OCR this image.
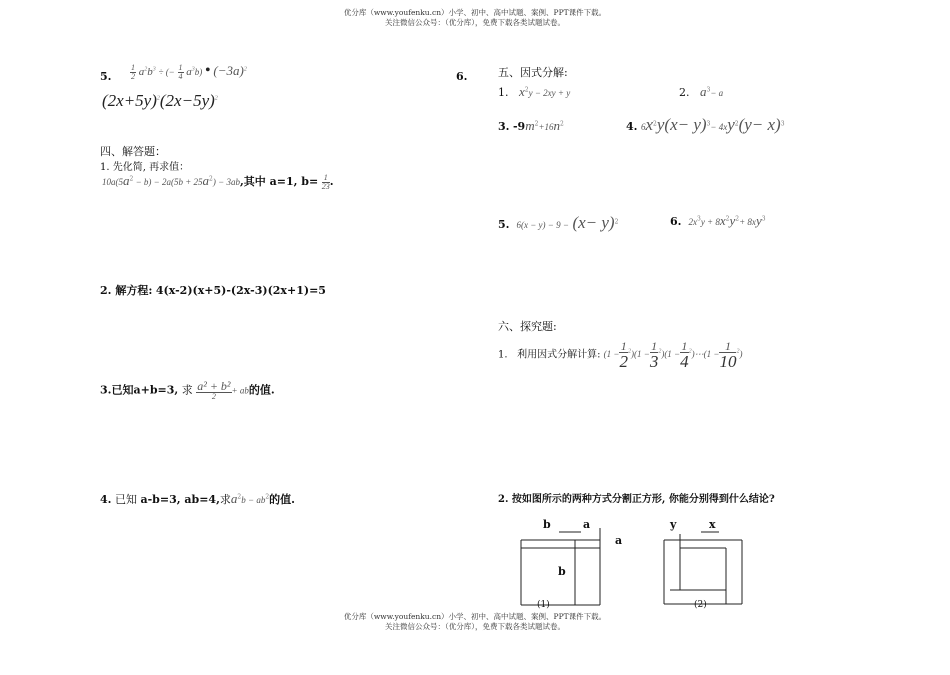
优分库（www.youfenku.cn）小学、初中、高中试题、案例、PPT课件下载。
关注微信公众号：（优分库），免费下载各类试题试卷。
5. $\frac{1}{2} a^2b^3$ ÷ (− $\frac{1}{4} a^3b$) • $(-3a)^2$
$(2x+5y)^2(2x-5y)^2$
四、解答题：
1. 先化简, 再求值：
$10a(5a^2 - b) - 2a(5b + 25a^2) - 3ab$,其中 a=1, $b= \frac{1}{23}$ .
2. 解方程: 4(x-2)(x+5)-(2x-3)(2x+1)=5
3.已知a+b=3, 求 $\frac{\text{a² + b²}}{2}$ + ab的值.
4. 已知 a-b=3, ab=4,求$a^2b - ab^2$的值.
6.	五、因式分解:
1. $x^2y - 2xy + y$	2. $a^3- a$
3. $-9m^2+16n^2$	4. $6x^2y(x- y)^3- 4xy^2(y- x)^3$
5. $6(x - y) - 9 - (x- y)^2$	6. $2x^3y + 8x^2y^2+ 8xy^3$
六、探究题:
1. 利用因式分解计算: $(1 - \frac{1}{2} ^2)(1 - \frac{1}{3} ^2)(1 - \frac{1}{4}$ $^2$)⋯(1 − $\frac{1}{10} ^2$)
2. 按如图所示的两种方式分割正方形, 你能分别得到什么结论?
b	a
a
b
(1)
y	x
(2)
优分库（www.youfenku.cn）小学、初中、高中试题、案例、PPT课件下载。
关注微信公众号：（优分库），免费下载各类试题试卷。
